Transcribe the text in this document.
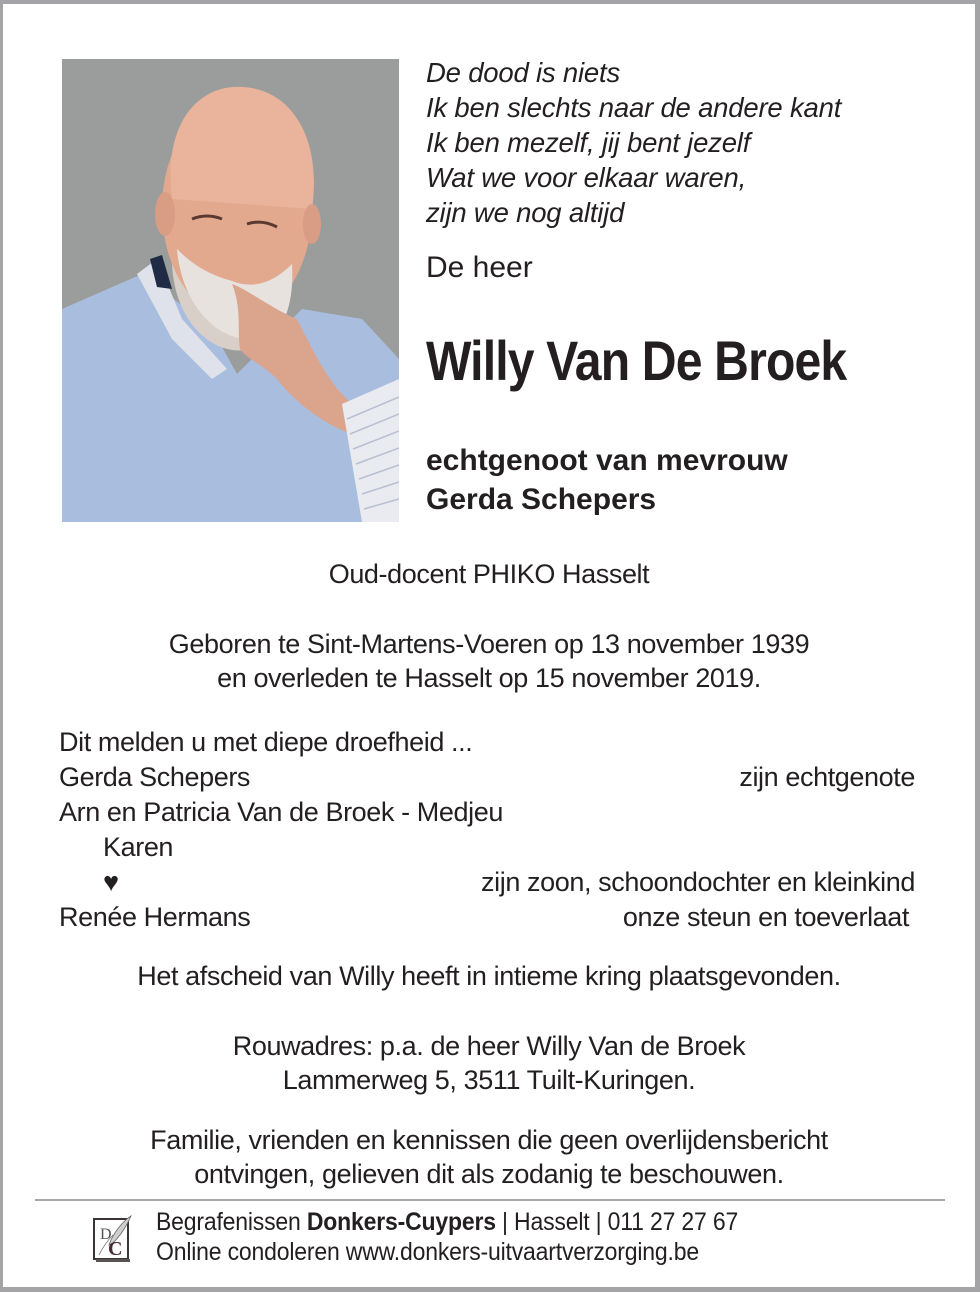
De dood is niets
Ik ben slechts naar de andere kant
Ik ben mezelf, jij bent jezelf
Wat we voor elkaar waren,
zijn we nog altijd
De heer
Willy Van De Broek
echtgenoot van mevrouw
Gerda Schepers
Oud-docent PHIKO Hasselt
Geboren te Sint-Martens-Voeren op 13 november 1939
en overleden te Hasselt op 15 november 2019.
Dit melden u met diepe droefheid ...
Gerda Schepers	zijn echtgenote
Arn en Patricia Van de Broek - Medjeu
Karen
♥	zijn zoon, schoondochter en kleinkind
Renée Hermans	onze steun en toeverlaat
Het afscheid van Willy heeft in intieme kring plaatsgevonden.
Rouwadres: p.a. de heer Willy Van de Broek
Lammerweg 5, 3511 Tuilt-Kuringen.
Familie, vrienden en kennissen die geen overlijdensbericht
ontvingen, gelieven dit als zodanig te beschouwen.
D
C
Begrafenissen Donkers-Cuypers | Hasselt | 011 27 27 67
Online condoleren www.donkers-uitvaartverzorging.be
